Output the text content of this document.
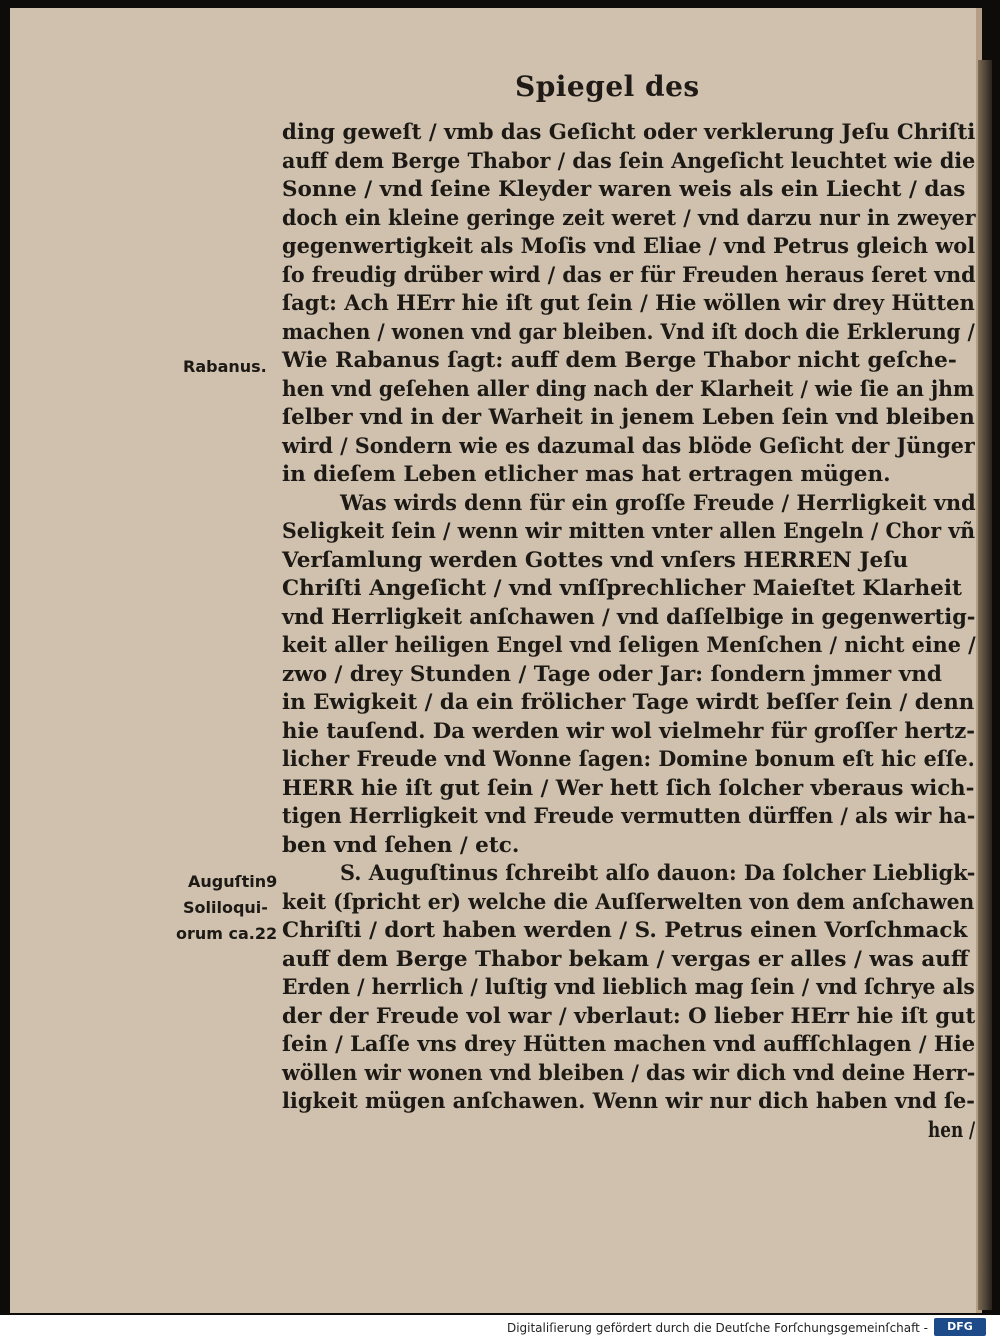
Spiegel des
ding geweſt / vmb das Geſicht oder verklerung Jeſu Chriſti
auff dem Berge Thabor / das ſein Angeſicht leuchtet wie die
Sonne / vnd ſeine Kleyder waren weis als ein Liecht / das
doch ein kleine geringe zeit weret / vnd darzu nur in zweyer
gegenwertigkeit als Moſis vnd Eliae / vnd Petrus gleich wol
ſo freudig drüber wird / das er für Freuden heraus ſeret vnd
ſagt: Ach HErr hie iſt gut ſein / Hie wöllen wir drey Hütten
machen / wonen vnd gar bleiben. Vnd iſt doch die Erklerung /
Wie Rabanus ſagt: auff dem Berge Thabor nicht geſche-
hen vnd geſehen aller ding nach der Klarheit / wie ſie an jhm
ſelber vnd in der Warheit in jenem Leben ſein vnd bleiben
wird / Sondern wie es dazumal das blöde Geſicht der Jünger
in dieſem Leben etlicher mas hat ertragen mügen.
Was wirds denn für ein groſſe Freude / Herrligkeit vnd
Seligkeit ſein / wenn wir mitten vnter allen Engeln / Chor vñ
Verſamlung werden Gottes vnd vnſers HERREN Jeſu
Chriſti Angeſicht / vnd vnſſprechlicher Maieſtet Klarheit
vnd Herrligkeit anſchawen / vnd daſſelbige in gegenwertig-
keit aller heiligen Engel vnd ſeligen Menſchen / nicht eine /
zwo / drey Stunden / Tage oder Jar: ſondern jmmer vnd
in Ewigkeit / da ein frölicher Tage wirdt beſſer ſein / denn
hie tauſend. Da werden wir wol vielmehr für groſſer hertz-
licher Freude vnd Wonne ſagen: Domine bonum eſt hic eſſe.
HERR hie iſt gut ſein / Wer hett ſich ſolcher vberaus wich-
tigen Herrligkeit vnd Freude vermutten dürffen / als wir ha-
ben vnd ſehen / etc.
S. Auguſtinus ſchreibt alſo dauon: Da ſolcher Liebligk-
keit (ſpricht er) welche die Auſſerwelten von dem anſchawen
Chriſti / dort haben werden / S. Petrus einen Vorſchmack
auff dem Berge Thabor bekam / vergas er alles / was auff
Erden / herrlich / luſtig vnd lieblich mag ſein / vnd ſchrye als
der der Freude vol war / vberlaut: O lieber HErr hie iſt gut
ſein / Laſſe vns drey Hütten machen vnd auffſchlagen / Hie
wöllen wir wonen vnd bleiben / das wir dich vnd deine Herr-
ligkeit mügen anſchawen. Wenn wir nur dich haben vnd ſe-
hen /
Rabanus.
Auguſtin9
Soliloqui-
orum ca.22
Digitaliſierung gefördert durch die Deutſche Forſchungsgemeinſchaft -	DFG
